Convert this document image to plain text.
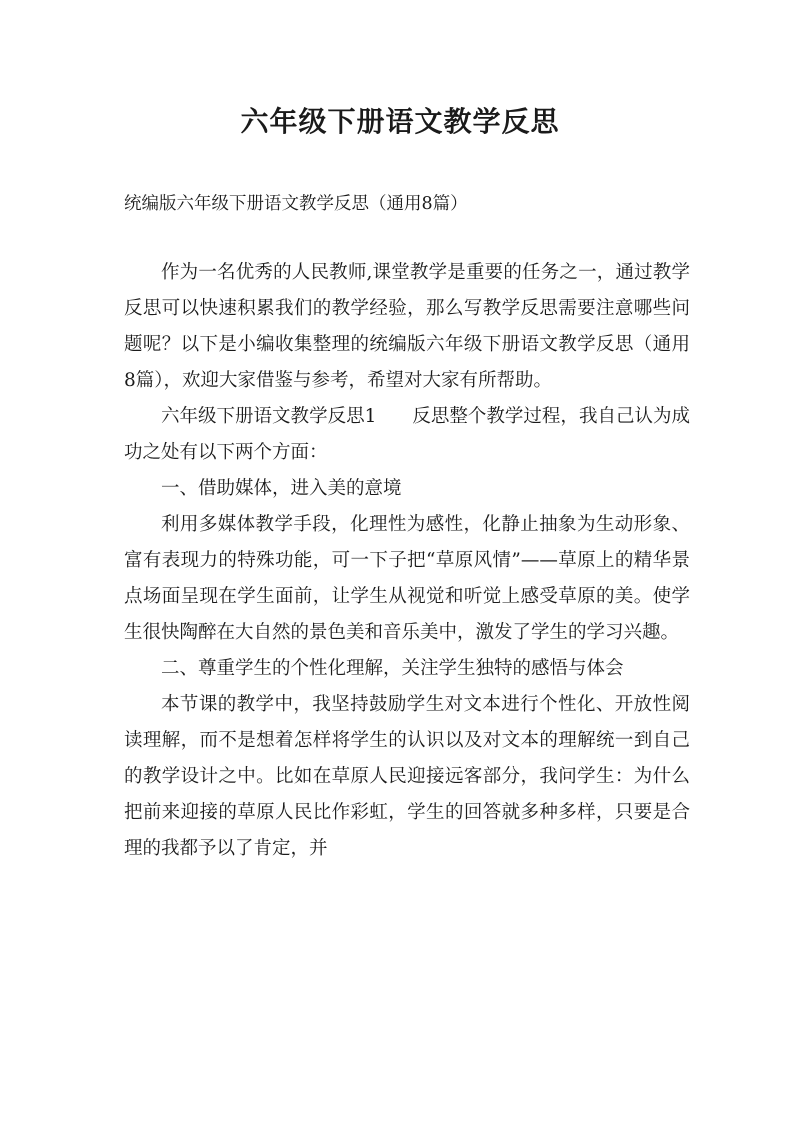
六年级下册语文教学反思

统编版六年级下册语文教学反思（通用8篇）

作为一名优秀的人民教师,课堂教学是重要的任务之一，通过教学反思可以快速积累我们的教学经验，那么写教学反思需要注意哪些问题呢？以下是小编收集整理的统编版六年级下册语文教学反思（通用8篇），欢迎大家借鉴与参考，希望对大家有所帮助。

六年级下册语文教学反思1 反思整个教学过程，我自己认为成功之处有以下两个方面：

一、借助媒体，进入美的意境

利用多媒体教学手段，化理性为感性，化静止抽象为生动形象、富有表现力的特殊功能，可一下子把“草原风情”——草原上的精华景点场面呈现在学生面前，让学生从视觉和听觉上感受草原的美。使学生很快陶醉在大自然的景色美和音乐美中，激发了学生的学习兴趣。

二、尊重学生的个性化理解，关注学生独特的感悟与体会

本节课的教学中，我坚持鼓励学生对文本进行个性化、开放性阅读理解，而不是想着怎样将学生的认识以及对文本的理解统一到自己的教学设计之中。比如在草原人民迎接远客部分，我问学生：为什么把前来迎接的草原人民比作彩虹，学生的回答就多种多样，只要是合理的我都予以了肯定，并
